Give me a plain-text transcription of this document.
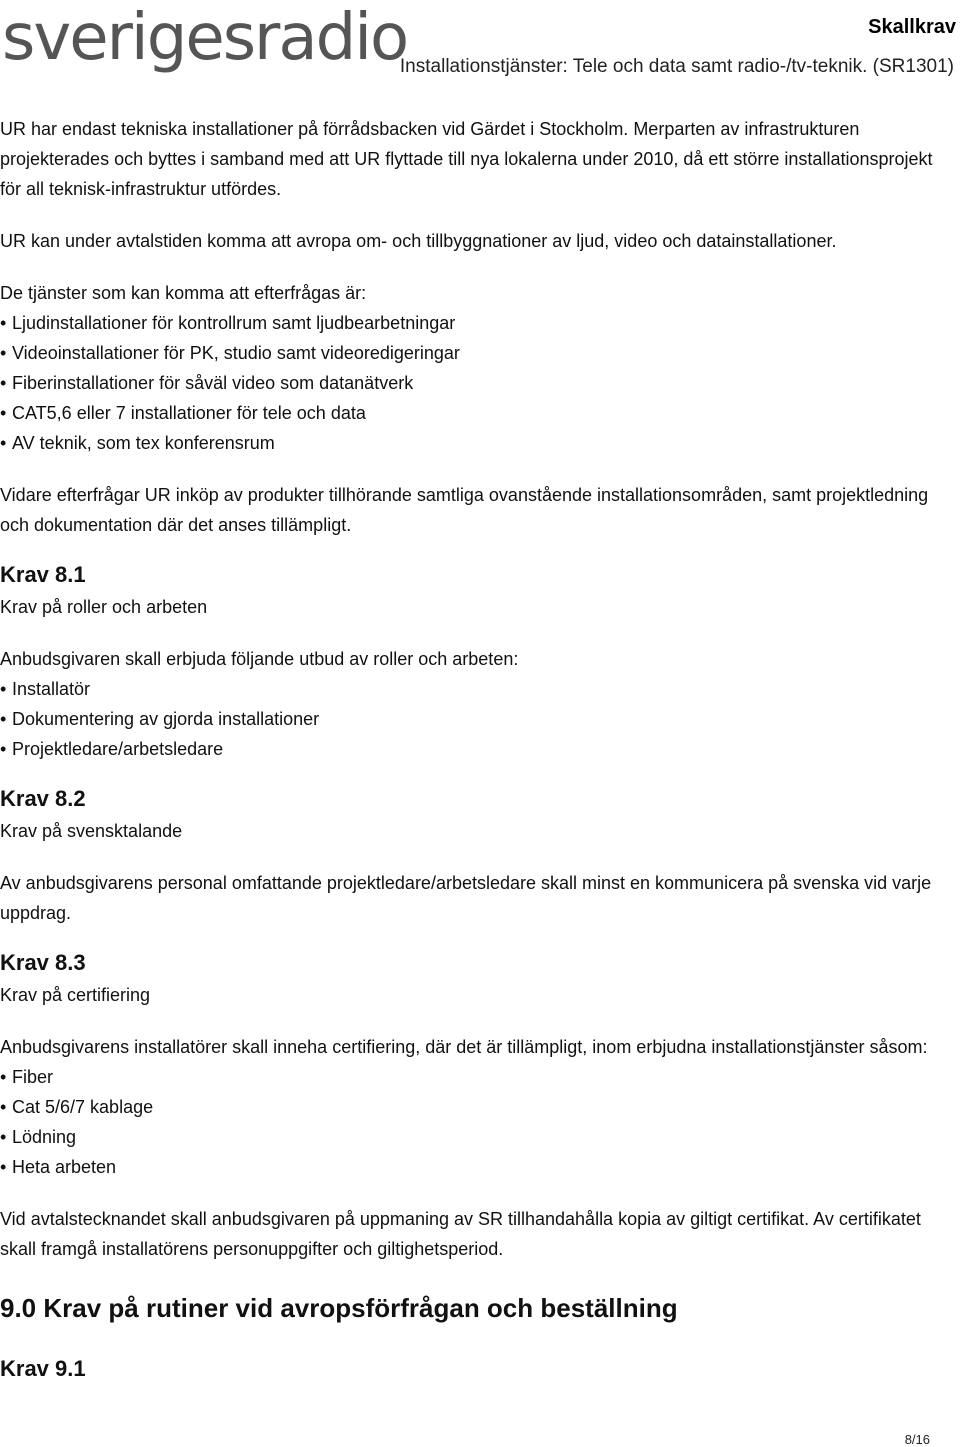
sverigesradio	Skallkrav
Installationstjänster: Tele och data samt radio-/tv-teknik. (SR1301)

UR har endast tekniska installationer på förrådsbacken vid Gärdet i Stockholm. Merparten av infrastrukturen projekterades och byttes i samband med att UR flyttade till nya lokalerna under 2010, då ett större installationsprojekt för all teknisk-infrastruktur utfördes.

UR kan under avtalstiden komma att avropa om- och tillbyggnationer av ljud, video och datainstallationer.

De tjänster som kan komma att efterfrågas är:

• Ljudinstallationer för kontrollrum samt ljudbearbetningar
• Videoinstallationer för PK, studio samt videoredigeringar
• Fiberinstallationer för såväl video som datanätverk
• CAT5,6 eller 7 installationer för tele och data
• AV teknik, som tex konferensrum

Vidare efterfrågar UR inköp av produkter tillhörande samtliga ovanstående installationsområden, samt projektledning och dokumentation där det anses tillämpligt.

Krav 8.1

Krav på roller och arbeten

Anbudsgivaren skall erbjuda följande utbud av roller och arbeten:

• Installatör
• Dokumentering av gjorda installationer
• Projektledare/arbetsledare
Krav 8.2

Krav på svensktalande

Av anbudsgivarens personal omfattande projektledare/arbetsledare skall minst en kommunicera på svenska vid varje uppdrag.

Krav 8.3

Krav på certifiering

Anbudsgivarens installatörer skall inneha certifiering, där det är tillämpligt, inom erbjudna installationstjänster såsom:

• Fiber
• Cat 5/6/7 kablage
• Lödning
• Heta arbeten

Vid avtalstecknandet skall anbudsgivaren på uppmaning av SR tillhandahålla kopia av giltigt certifikat. Av certifikatet skall framgå installatörens personuppgifter och giltighetsperiod.

9.0 Krav på rutiner vid avropsförfrågan och beställning
Krav 9.1
8/16
